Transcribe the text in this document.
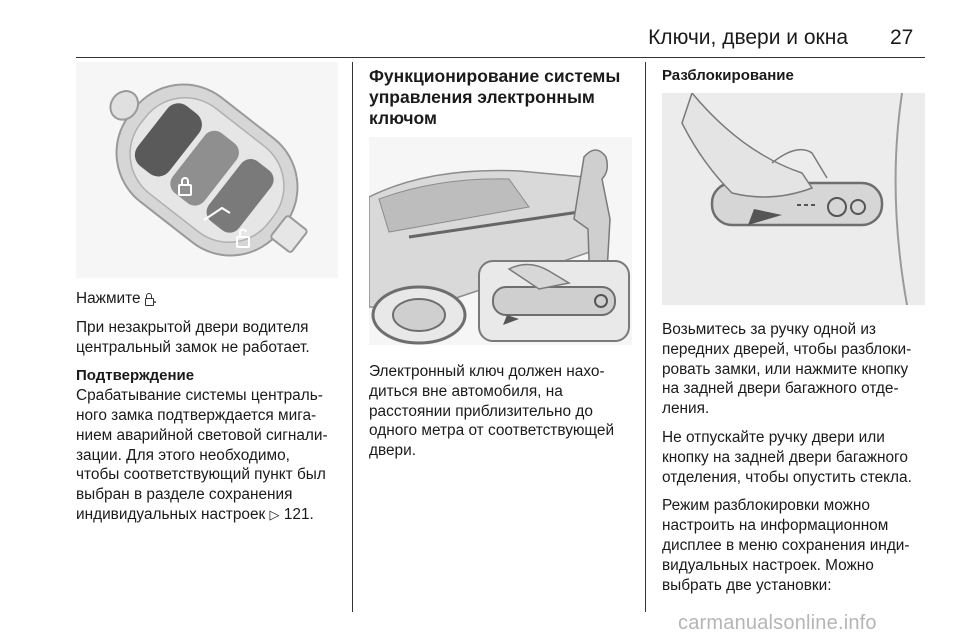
Ключи, двери и окна 27

Нажмите .

При незакрытой двери водителя

центральный замок не работает.

Подтверждение

Срабатывание системы централь-

ного замка подтверждается мига-

нием аварийной световой сигнали-

зации. Для этого необходимо,

чтобы соответствующий пункт был

выбран в разделе сохранения

индивидуальных настроек ▷ 121.

Функционирование системы
управления электронным
ключом

Электронный ключ должен нахо-

диться вне автомобиля, на

расстоянии приблизительно до

одного метра от соответствующей

двери.

Разблокирование

Возьмитесь за ручку одной из

передних дверей, чтобы разблоки-

ровать замки, или нажмите кнопку

на задней двери багажного отде-

ления.

Не отпускайте ручку двери или

кнопку на задней двери багажного

отделения, чтобы опустить стекла.

Режим разблокировки можно

настроить на информационном

дисплее в меню сохранения инди-

видуальных настроек. Можно

выбрать две установки:

carmanualsonline.info
